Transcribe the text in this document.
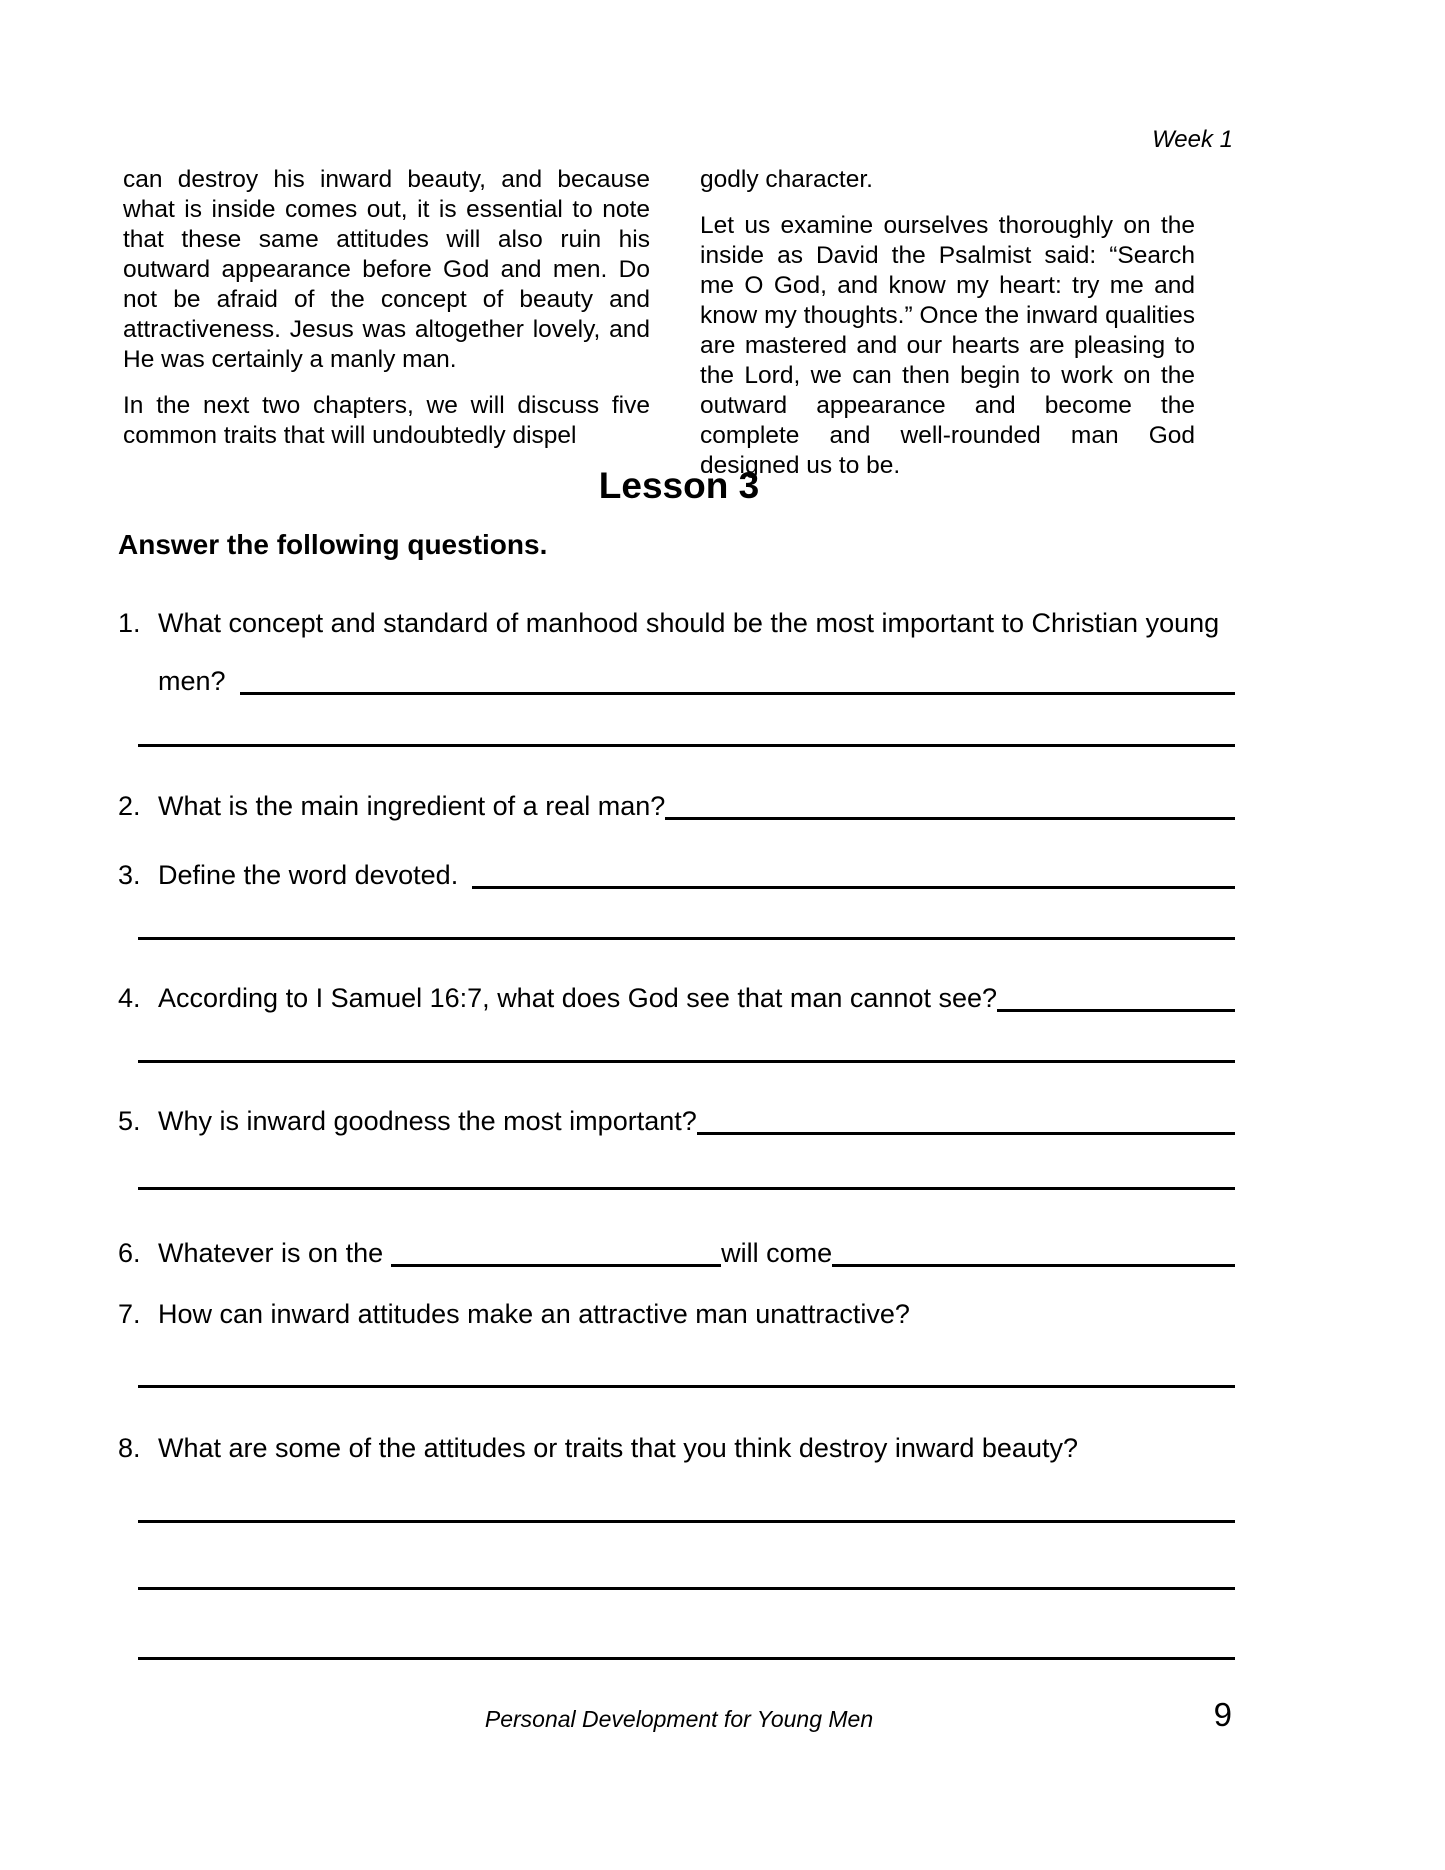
Week 1

can destroy his inward beauty, and because what is inside comes out, it is essential to note that these same attitudes will also ruin his outward appearance before God and men. Do not be afraid of the concept of beauty and attractiveness. Jesus was altogether lovely, and He was certainly a manly man.

In the next two chapters, we will discuss five common traits that will undoubtedly dispel

godly character.

Let us examine ourselves thoroughly on the inside as David the Psalmist said: “Search me O God, and know my heart: try me and know my thoughts.” Once the inward qualities are mastered and our hearts are pleasing to the Lord, we can then begin to work on the outward appearance and become the complete and well-rounded man God designed us to be.

Lesson 3
Answer the following questions.
1. What concept and standard of manhood should be the most important to Christian young
men?
2. What is the main ingredient of a real man?
3. Define the word devoted.
4. According to I Samuel 16:7, what does God see that man cannot see?
5. Why is inward goodness the most important?
6. Whatever is on the	will come
7. How can inward attitudes make an attractive man unattractive?
8. What are some of the attitudes or traits that you think destroy inward beauty?
Personal Development for Young Men	9
